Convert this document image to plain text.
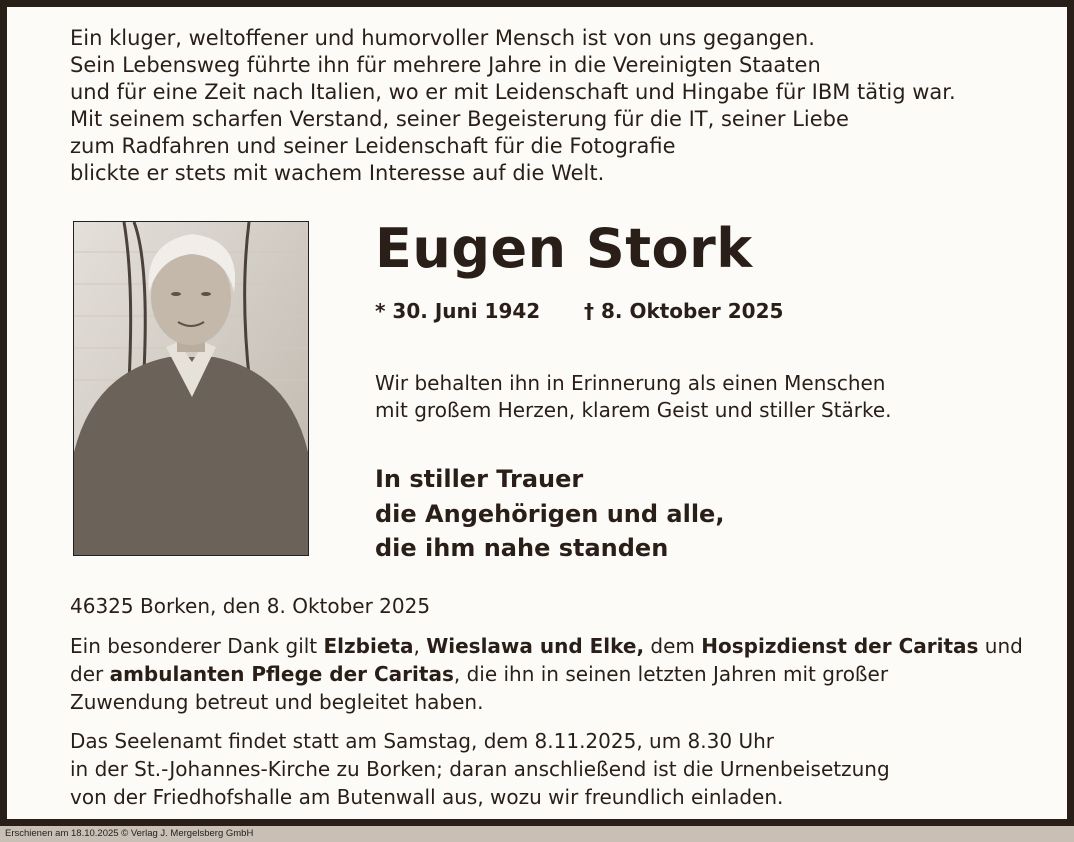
Ein kluger, weltoffener und humorvoller Mensch ist von uns gegangen.
Sein Lebensweg führte ihn für mehrere Jahre in die Vereinigten Staaten
und für eine Zeit nach Italien, wo er mit Leidenschaft und Hingabe für IBM tätig war.
Mit seinem scharfen Verstand, seiner Begeisterung für die IT, seiner Liebe
zum Radfahren und seiner Leidenschaft für die Fotografie
blickte er stets mit wachem Interesse auf die Welt.
Eugen Stork
* 30. Juni 1942 † 8. Oktober 2025
Wir behalten ihn in Erinnerung als einen Menschen
mit großem Herzen, klarem Geist und stiller Stärke.
In stiller Trauer
die Angehörigen und alle,
die ihm nahe standen
46325 Borken, den 8. Oktober 2025
Ein besonderer Dank gilt Elzbieta, Wieslawa und Elke, dem Hospizdienst der Caritas und
der ambulanten Pflege der Caritas, die ihn in seinen letzten Jahren mit großer
Zuwendung betreut und begleitet haben.
Das Seelenamt findet statt am Samstag, dem 8.11.2025, um 8.30 Uhr
in der St.-Johannes-Kirche zu Borken; daran anschließend ist die Urnenbeisetzung
von der Friedhofshalle am Butenwall aus, wozu wir freundlich einladen.
Erschienen am 18.10.2025 © Verlag J. Mergelsberg GmbH
